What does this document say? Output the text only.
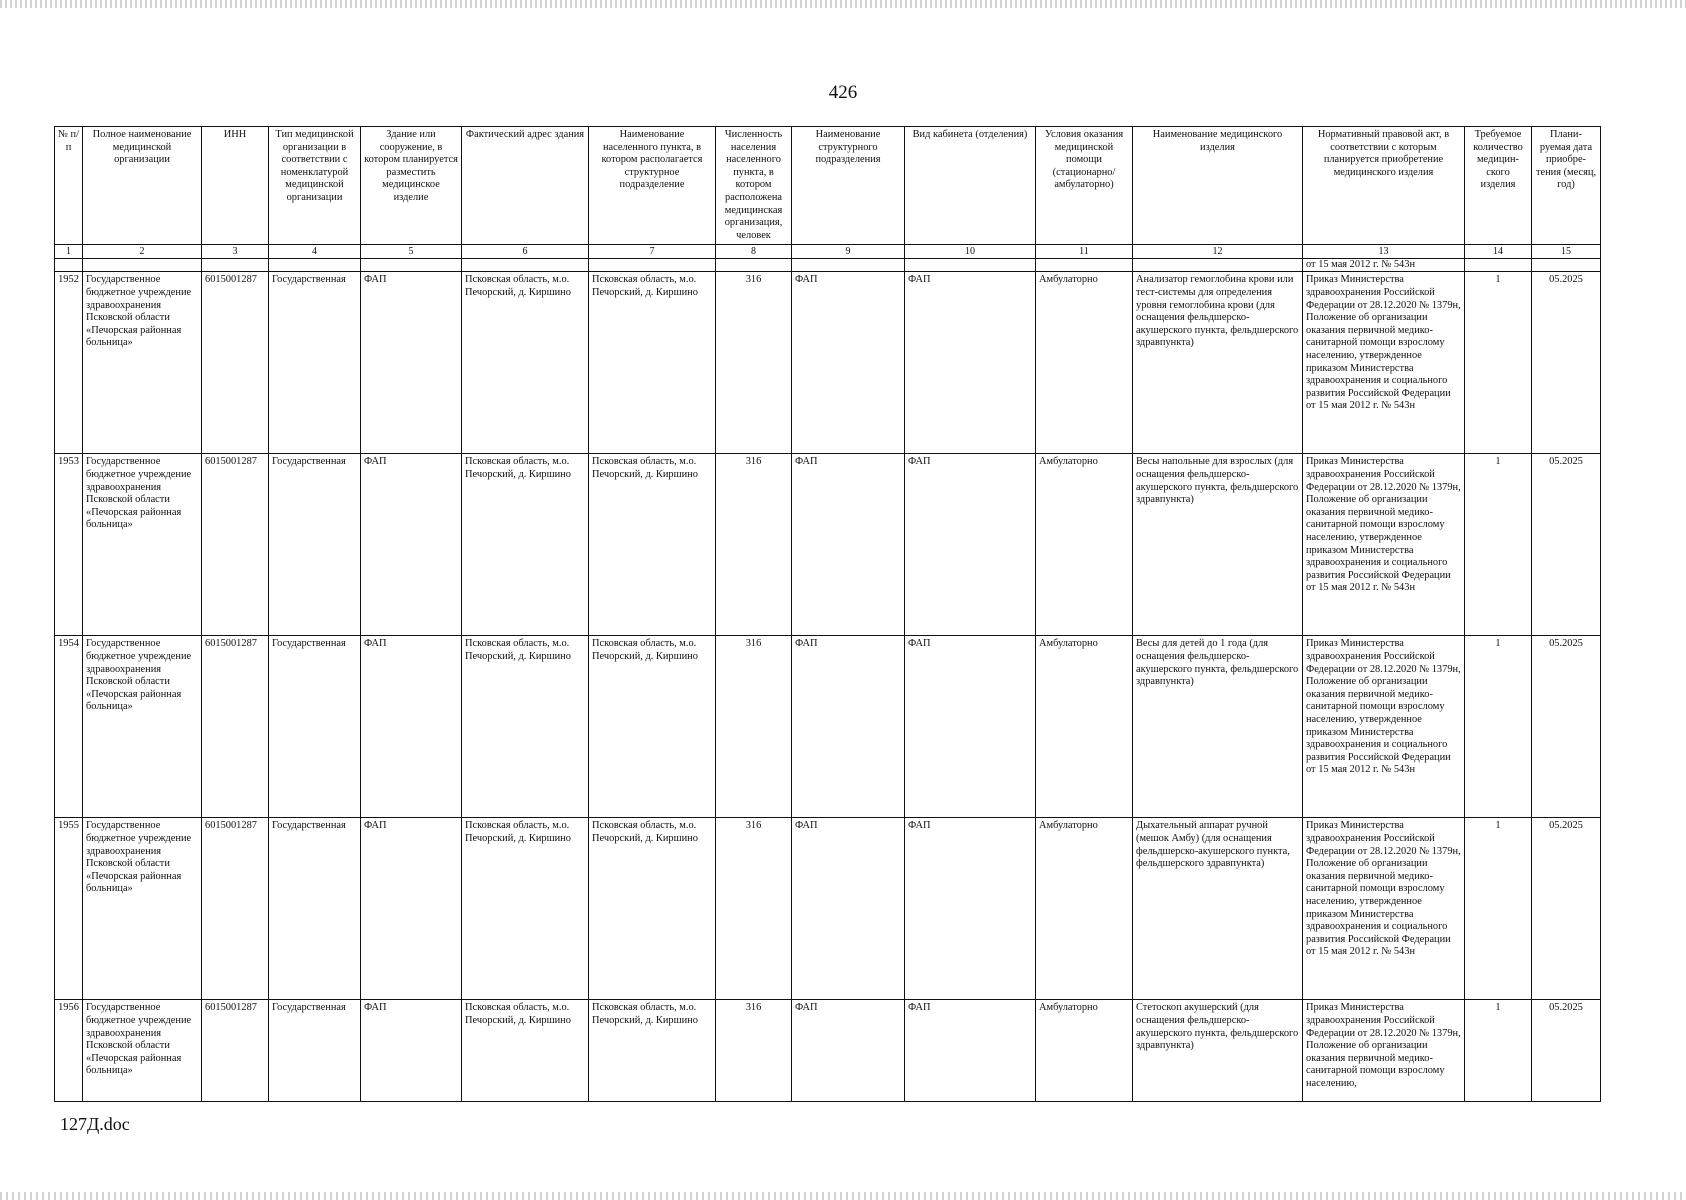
426
№ п/п	Полное наименование медицинской организации	ИНН	Тип медицинской организации в соответствии с номенклатурой медицинской организации	Здание или сооружение, в котором планируется разместить медицинское изделие	Фактический адрес здания	Наименование населенного пункта, в котором располагается структурное подразделение	Численность населения населенного пункта, в котором расположена медицинская организация, человек	Наименование структурного подразделения	Вид кабинета (отделения)	Условия оказания медицинской помощи (стационарно/ амбулаторно)	Наименование медицинского изделия	Нормативный правовой акт, в соответствии с которым планируется приобретение медицинского изделия	Требуемое количество медицин-ского изделия	Плани-руемая дата приобре-тения (месяц, год)
1	2	3	4	5	6	7	8	9	10	11	12	13	14	15
												от 15 мая 2012 г. № 543н		
1952	Государственное бюджетное учреждение здравоохранения Псковской области «Печорская районная больница»	6015001287	Государственная	ФАП	Псковская область, м.о. Печорский, д. Киршино	Псковская область, м.о. Печорский, д. Киршино	316	ФАП	ФАП	Амбулаторно	Анализатор гемоглобина крови или тест-системы для определения уровня гемоглобина крови (для оснащения фельдшерско-акушерского пункта, фельдшерского здравпункта)	Приказ Министерства здравоохранения Российской Федерации от 28.12.2020 № 1379н, Положение об организации оказания первичной медико-санитарной помощи взрослому населению, утвержденное приказом Министерства здравоохранения и социального развития Российской Федерации от 15 мая 2012 г. № 543н	1	05.2025
1953	Государственное бюджетное учреждение здравоохранения Псковской области «Печорская районная больница»	6015001287	Государственная	ФАП	Псковская область, м.о. Печорский, д. Киршино	Псковская область, м.о. Печорский, д. Киршино	316	ФАП	ФАП	Амбулаторно	Весы напольные для взрослых (для оснащения фельдшерско-акушерского пункта, фельдшерского здравпункта)	Приказ Министерства здравоохранения Российской Федерации от 28.12.2020 № 1379н, Положение об организации оказания первичной медико-санитарной помощи взрослому населению, утвержденное приказом Министерства здравоохранения и социального развития Российской Федерации от 15 мая 2012 г. № 543н	1	05.2025
1954	Государственное бюджетное учреждение здравоохранения Псковской области «Печорская районная больница»	6015001287	Государственная	ФАП	Псковская область, м.о. Печорский, д. Киршино	Псковская область, м.о. Печорский, д. Киршино	316	ФАП	ФАП	Амбулаторно	Весы для детей до 1 года (для оснащения фельдшерско-акушерского пункта, фельдшерского здравпункта)	Приказ Министерства здравоохранения Российской Федерации от 28.12.2020 № 1379н, Положение об организации оказания первичной медико-санитарной помощи взрослому населению, утвержденное приказом Министерства здравоохранения и социального развития Российской Федерации от 15 мая 2012 г. № 543н	1	05.2025
1955	Государственное бюджетное учреждение здравоохранения Псковской области «Печорская районная больница»	6015001287	Государственная	ФАП	Псковская область, м.о. Печорский, д. Киршино	Псковская область, м.о. Печорский, д. Киршино	316	ФАП	ФАП	Амбулаторно	Дыхательный аппарат ручной (мешок Амбу) (для оснащения фельдшерско-акушерского пункта, фельдшерского здравпункта)	Приказ Министерства здравоохранения Российской Федерации от 28.12.2020 № 1379н, Положение об организации оказания первичной медико-санитарной помощи взрослому населению, утвержденное приказом Министерства здравоохранения и социального развития Российской Федерации от 15 мая 2012 г. № 543н	1	05.2025
1956	Государственное бюджетное учреждение здравоохранения Псковской области «Печорская районная больница»	6015001287	Государственная	ФАП	Псковская область, м.о. Печорский, д. Киршино	Псковская область, м.о. Печорский, д. Киршино	316	ФАП	ФАП	Амбулаторно	Стетоскоп акушерский (для оснащения фельдшерско-акушерского пункта, фельдшерского здравпункта)	Приказ Министерства здравоохранения Российской Федерации от 28.12.2020 № 1379н, Положение об организации оказания первичной медико-санитарной помощи взрослому населению,	1	05.2025
127Д.doc
